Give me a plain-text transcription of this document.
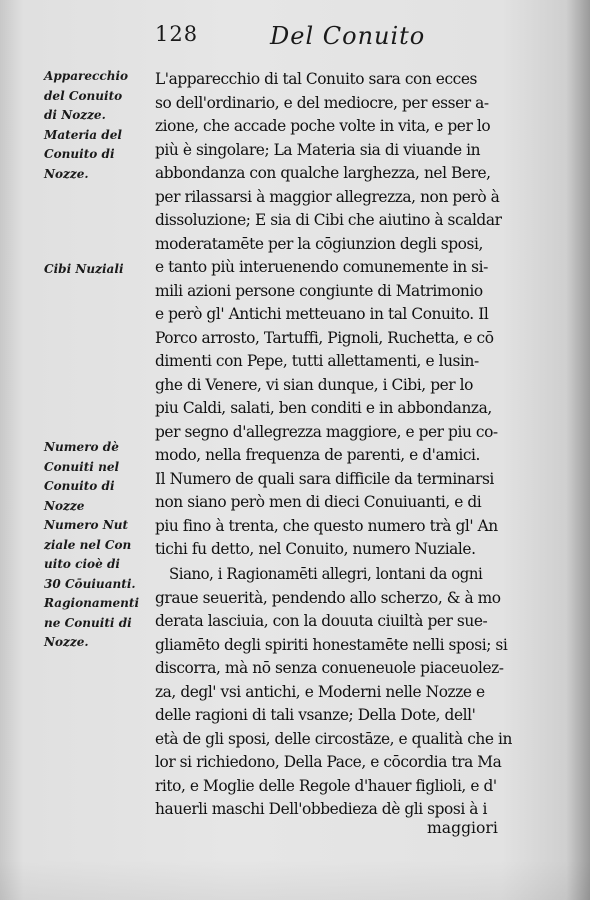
128	Del Conuito
Apparecchio
del Conuito
di Nozze.
Materia del
Conuito di
Nozze.
Cibi Nuziali
Numero dè
Conuiti nel
Conuito di
Nozze
Numero Nut
ziale nel Con
uito cioè di
30 Cōuiuanti.
Ragionamenti
ne Conuiti di
Nozze.
L'apparecchio di tal Conuito sara con ecces
so dell'ordinario, e del mediocre, per esser a-
zione, che accade poche volte in vita, e per lo
più è singolare; La Materia sia di viuande in
abbondanza con qualche larghezza, nel Bere,
per rilassarsi à maggior allegrezza, non però à
dissoluzione; E sia di Cibi che aiutino à scaldar
moderatamēte per la cōgiunzion degli sposi,
e tanto più interuenendo comunemente in si-
mili azioni persone congiunte di Matrimonio
e però gl' Antichi metteuano in tal Conuito. Il
Porco arrosto, Tartuffi, Pignoli, Ruchetta, e cō
dimenti con Pepe, tutti allettamenti, e lusin-
ghe di Venere, vi sian dunque, i Cibi, per lo
piu Caldi, salati, ben conditi e in abbondanza,
per segno d'allegrezza maggiore, e per piu co-
modo, nella frequenza de parenti, e d'amici.
Il Numero de quali sara difficile da terminarsi
non siano però men di dieci Conuiuanti, e di
piu fino à trenta, che questo numero trà gl' An
tichi fu detto, nel Conuito, numero Nuziale.
Siano, i Ragionamēti allegri, lontani da ogni
graue seuerità, pendendo allo scherzo, & à mo
derata lasciuia, con la douuta ciuiltà per sue-
gliamēto degli spiriti honestamēte nelli sposi; si
discorra, mà nō senza conueneuole piaceuolez-
za, degl' vsi antichi, e Moderni nelle Nozze e
delle ragioni di tali vsanze; Della Dote, dell'
età de gli sposi, delle circostāze, e qualità che in
lor si richiedono, Della Pace, e cōcordia tra Ma
rito, e Moglie delle Regole d'hauer figlioli, e d'
hauerli maschi Dell'obbedieza dè gli sposi à i
maggiori
